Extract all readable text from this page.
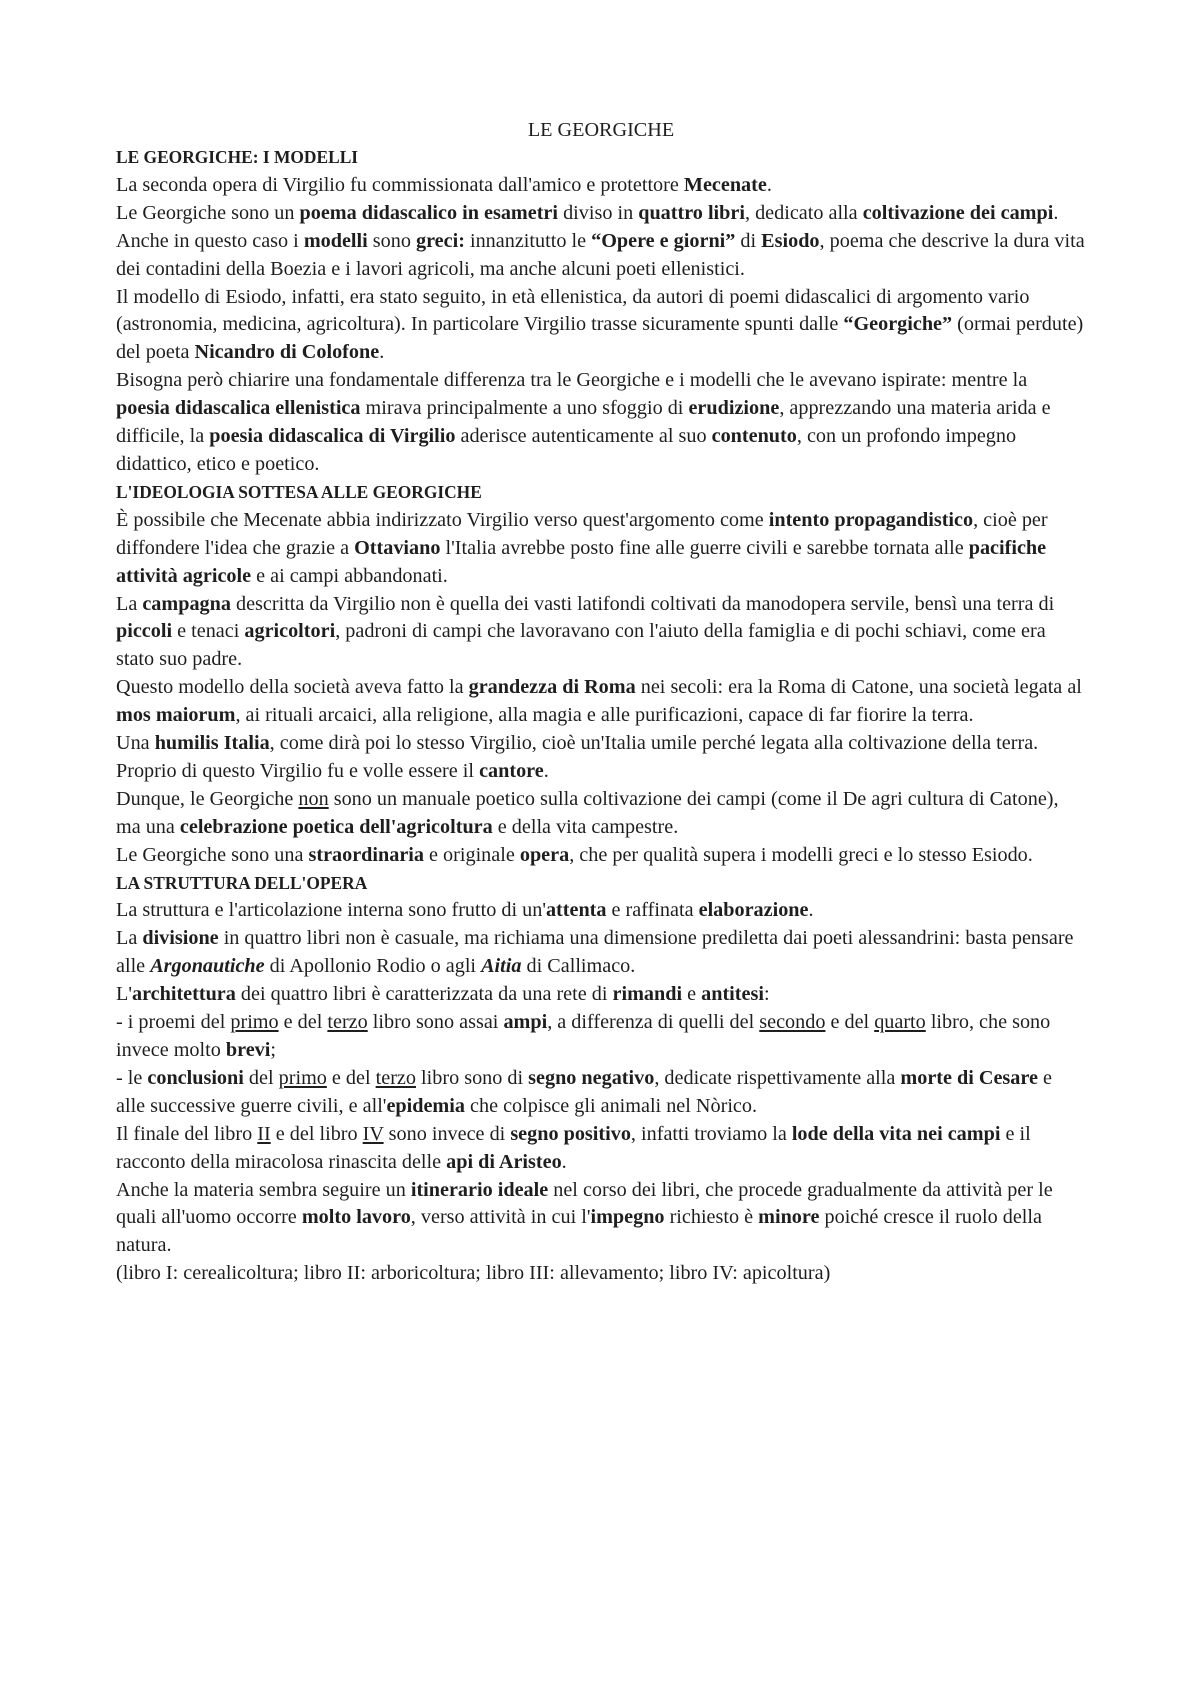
LE GEORGICHE

LE GEORGICHE: I MODELLI

La seconda opera di Virgilio fu commissionata dall'amico e protettore Mecenate.

Le Georgiche sono un poema didascalico in esametri diviso in quattro libri, dedicato alla coltivazione dei campi.

Anche in questo caso i modelli sono greci: innanzitutto le “Opere e giorni” di Esiodo, poema che descrive la dura vita dei contadini della Boezia e i lavori agricoli, ma anche alcuni poeti ellenistici.

Il modello di Esiodo, infatti, era stato seguito, in età ellenistica, da autori di poemi didascalici di argomento vario (astronomia, medicina, agricoltura). In particolare Virgilio trasse sicuramente spunti dalle “Georgiche” (ormai perdute) del poeta Nicandro di Colofone.

Bisogna però chiarire una fondamentale differenza tra le Georgiche e i modelli che le avevano ispirate: mentre la poesia didascalica ellenistica mirava principalmente a uno sfoggio di erudizione, apprezzando una materia arida e difficile, la poesia didascalica di Virgilio aderisce autenticamente al suo contenuto, con un profondo impegno didattico, etico e poetico.

L'IDEOLOGIA SOTTESA ALLE GEORGICHE

È possibile che Mecenate abbia indirizzato Virgilio verso quest'argomento come intento propagandistico, cioè per diffondere l'idea che grazie a Ottaviano l'Italia avrebbe posto fine alle guerre civili e sarebbe tornata alle pacifiche attività agricole e ai campi abbandonati.

La campagna descritta da Virgilio non è quella dei vasti latifondi coltivati da manodopera servile, bensì una terra di piccoli e tenaci agricoltori, padroni di campi che lavoravano con l'aiuto della famiglia e di pochi schiavi, come era stato suo padre.

Questo modello della società aveva fatto la grandezza di Roma nei secoli: era la Roma di Catone, una società legata al mos maiorum, ai rituali arcaici, alla religione, alla magia e alle purificazioni, capace di far fiorire la terra.

Una humilis Italia, come dirà poi lo stesso Virgilio, cioè un'Italia umile perché legata alla coltivazione della terra. Proprio di questo Virgilio fu e volle essere il cantore.

Dunque, le Georgiche non sono un manuale poetico sulla coltivazione dei campi (come il De agri cultura di Catone), ma una celebrazione poetica dell'agricoltura e della vita campestre.

Le Georgiche sono una straordinaria e originale opera, che per qualità supera i modelli greci e lo stesso Esiodo.

LA STRUTTURA DELL'OPERA

La struttura e l'articolazione interna sono frutto di un'attenta e raffinata elaborazione.

La divisione in quattro libri non è casuale, ma richiama una dimensione prediletta dai poeti alessandrini: basta pensare alle Argonautiche di Apollonio Rodio o agli Aitia di Callimaco.

L'architettura dei quattro libri è caratterizzata da una rete di rimandi e antitesi:

- i proemi del primo e del terzo libro sono assai ampi, a differenza di quelli del secondo e del quarto libro, che sono invece molto brevi;

- le conclusioni del primo e del terzo libro sono di segno negativo, dedicate rispettivamente alla morte di Cesare e alle successive guerre civili, e all'epidemia che colpisce gli animali nel Nòrico.

Il finale del libro II e del libro IV sono invece di segno positivo, infatti troviamo la lode della vita nei campi e il racconto della miracolosa rinascita delle api di Aristeo.

Anche la materia sembra seguire un itinerario ideale nel corso dei libri, che procede gradualmente da attività per le quali all'uomo occorre molto lavoro, verso attività in cui l'impegno richiesto è minore poiché cresce il ruolo della natura.

(libro I: cerealicoltura; libro II: arboricoltura; libro III: allevamento; libro IV: apicoltura)
